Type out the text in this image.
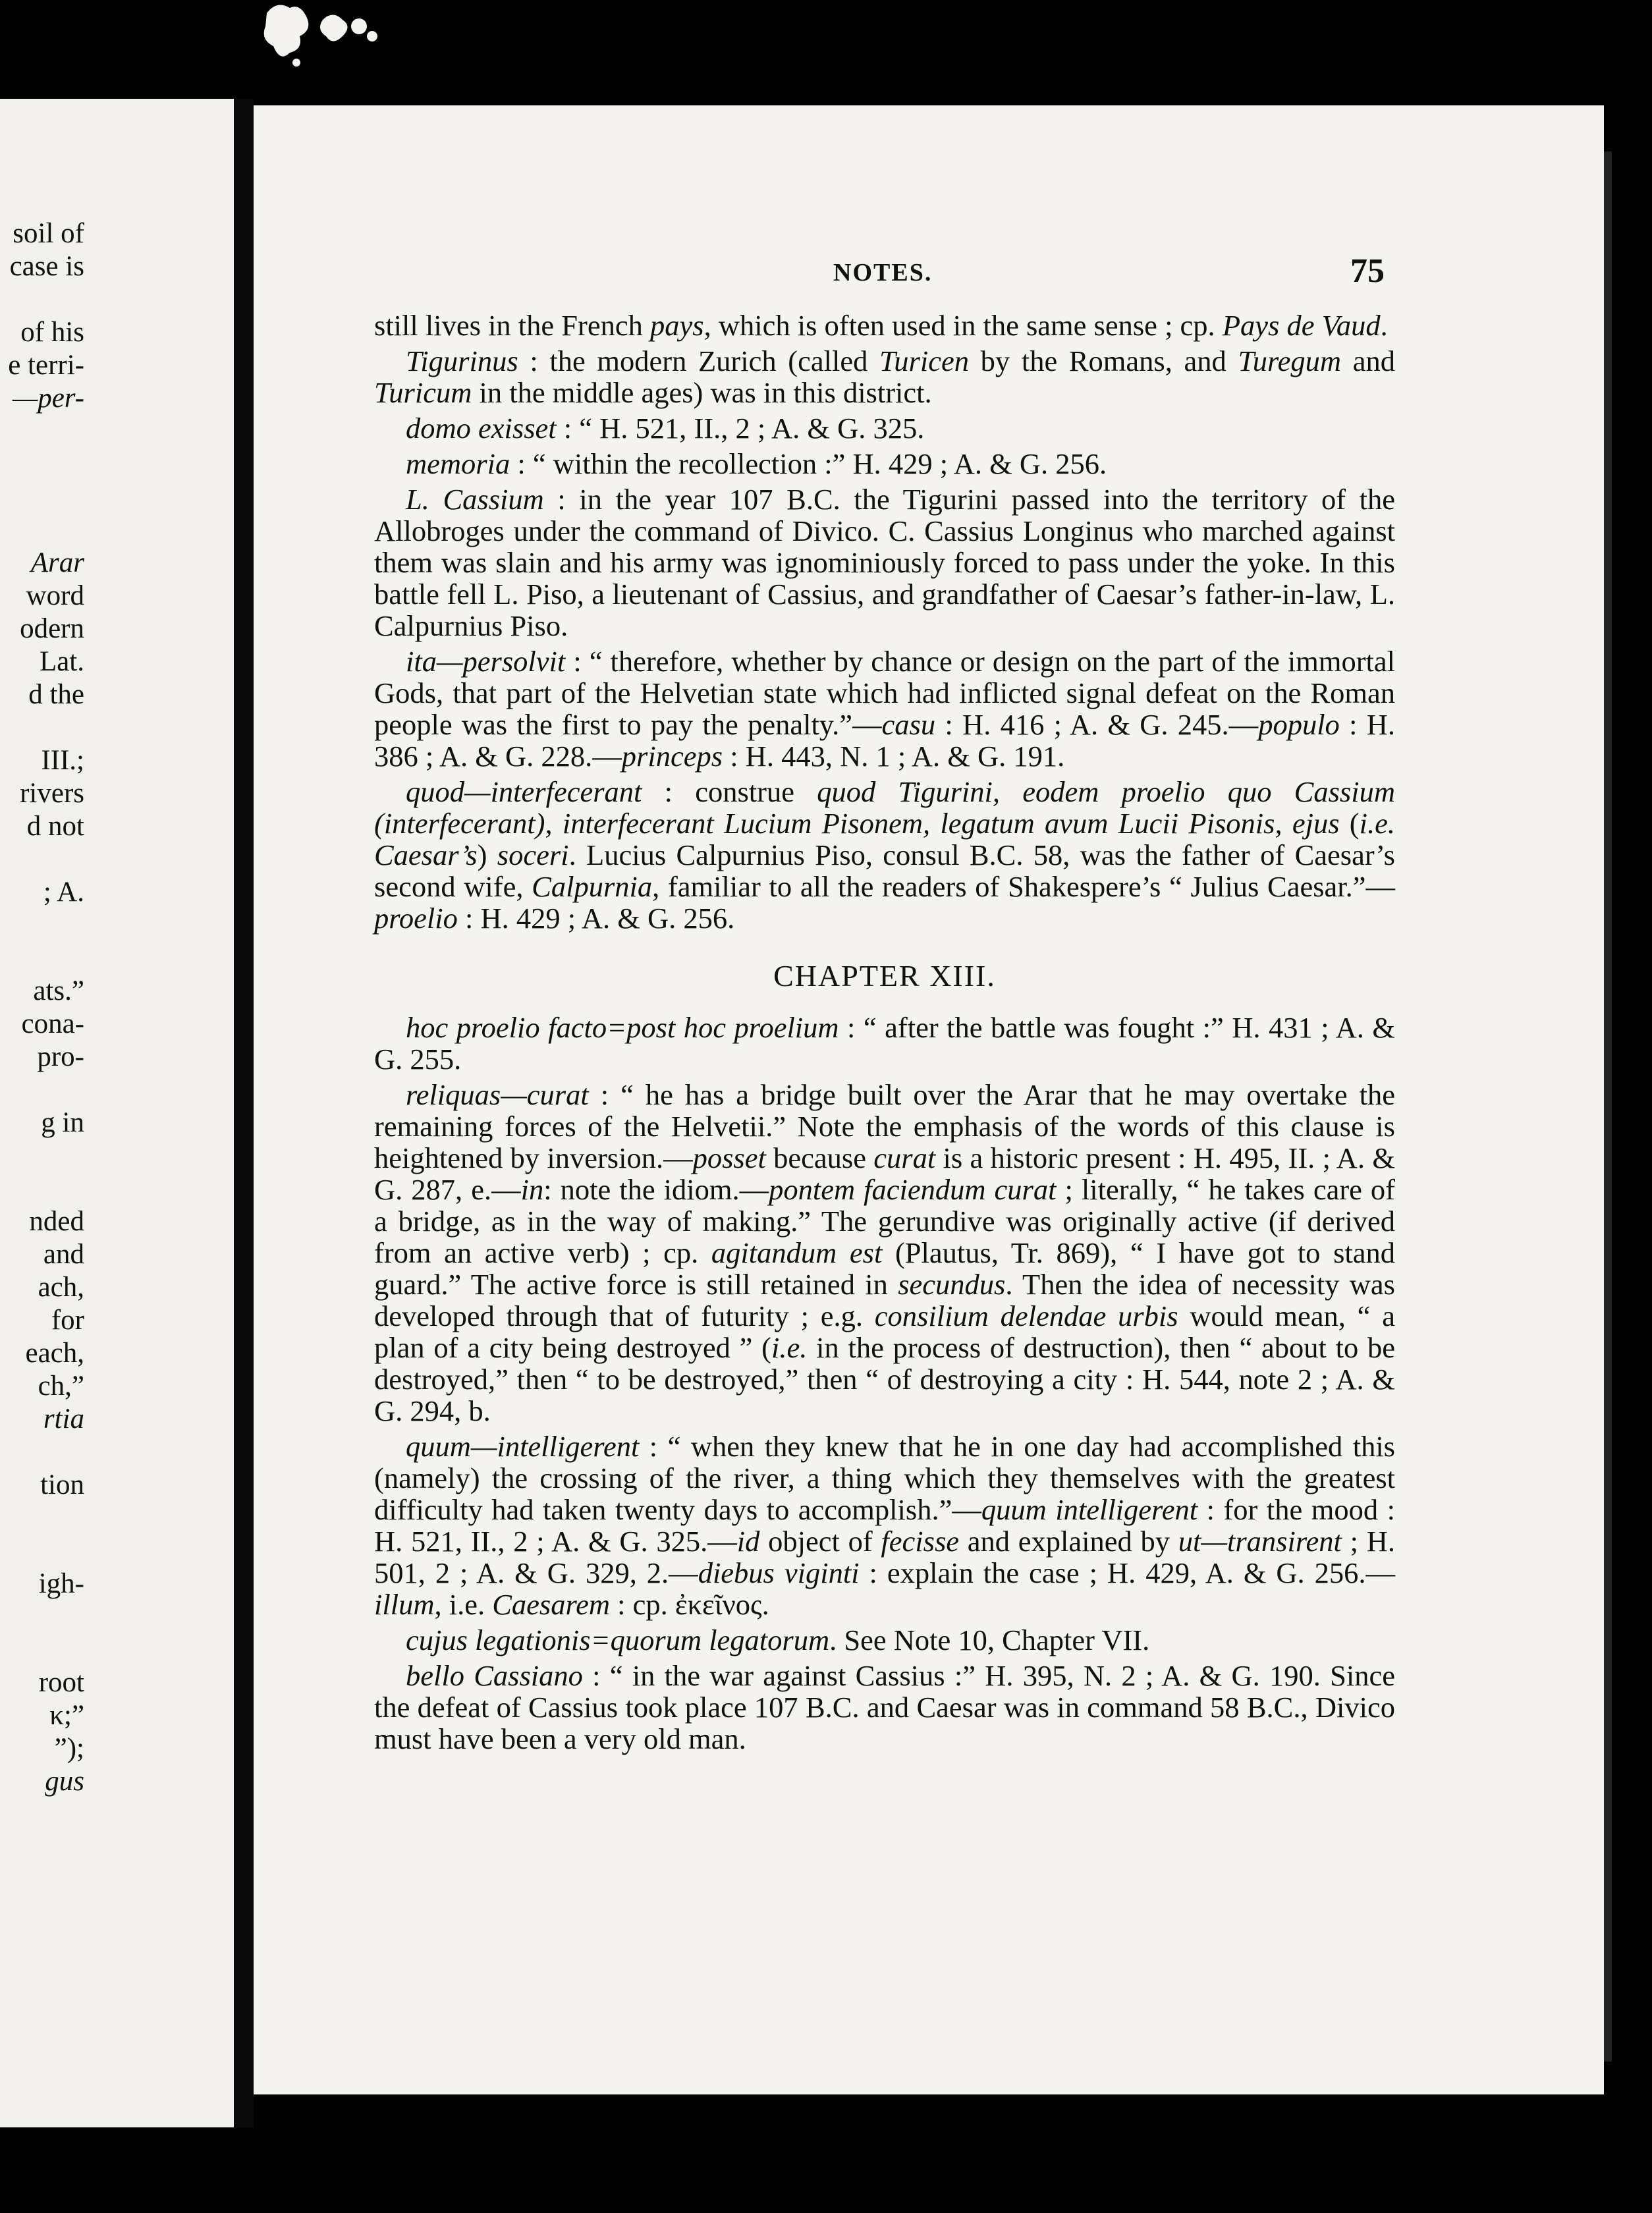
soil of
case is
of his
e terri-
—per-
Arar
word
odern
Lat.
d the
III.;
rivers
d not
; A.
ats.”
cona-
pro-
g in
nded
and
ach,
for
each,
ch,”
rtia
tion
igh-
root
κ;”
”);
gus
NOTES.	75

still lives in the French pays, which is often used in the same sense ; cp. Pays de Vaud.

Tigurinus : the modern Zurich (called Turicen by the Romans, and Turegum and Turicum in the middle ages) was in this district.

domo exisset : “ H. 521, II., 2 ; A. & G. 325.

memoria : “ within the recollection :” H. 429 ; A. & G. 256.

L. Cassium : in the year 107 B.C. the Tigurini passed into the territory of the Allobroges under the command of Divico. C. Cassius Longinus who marched against them was slain and his army was ignominiously forced to pass under the yoke. In this battle fell L. Piso, a lieutenant of Cassius, and grandfather of Caesar’s father-in-law, L. Calpurnius Piso.

ita—persolvit : “ therefore, whether by chance or design on the part of the immortal Gods, that part of the Helvetian state which had inflicted signal defeat on the Roman people was the first to pay the penalty.”—casu : H. 416 ; A. & G. 245.—populo : H. 386 ; A. & G. 228.—princeps : H. 443, N. 1 ; A. & G. 191.

quod—interfecerant : construe quod Tigurini, eodem proelio quo Cassium (interfecerant), interfecerant Lucium Pisonem, legatum avum Lucii Pisonis, ejus (i.e. Caesar’s) soceri. Lucius Calpurnius Piso, consul B.C. 58, was the father of Caesar’s second wife, Calpurnia, familiar to all the readers of Shakespere’s “ Julius Caesar.”—proelio : H. 429 ; A. & G. 256.

CHAPTER XIII.

hoc proelio facto=post hoc proelium : “ after the battle was fought :” H. 431 ; A. & G. 255.

reliquas—curat : “ he has a bridge built over the Arar that he may overtake the remaining forces of the Helvetii.” Note the emphasis of the words of this clause is heightened by inversion.—posset because curat is a historic present : H. 495, II. ; A. & G. 287, e.—in: note the idiom.—pontem faciendum curat ; literally, “ he takes care of a bridge, as in the way of making.” The gerundive was originally active (if derived from an active verb) ; cp. agitandum est (Plautus, Tr. 869), “ I have got to stand guard.” The active force is still retained in secundus. Then the idea of necessity was developed through that of futurity ; e.g. consilium delendae urbis would mean, “ a plan of a city being destroyed ” (i.e. in the process of destruction), then “ about to be destroyed,” then “ to be destroyed,” then “ of destroying a city : H. 544, note 2 ; A. & G. 294, b.

quum—intelligerent : “ when they knew that he in one day had accomplished this (namely) the crossing of the river, a thing which they themselves with the greatest difficulty had taken twenty days to accomplish.”—quum intelligerent : for the mood : H. 521, II., 2 ; A. & G. 325.—id object of fecisse and explained by ut—transirent ; H. 501, 2 ; A. & G. 329, 2.—diebus viginti : explain the case ; H. 429, A. & G. 256.—illum, i.e. Caesarem : cp. ἐκεῖνος.

cujus legationis=quorum legatorum. See Note 10, Chapter VII.

bello Cassiano : “ in the war against Cassius :” H. 395, N. 2 ; A. & G. 190. Since the defeat of Cassius took place 107 B.C. and Caesar was in command 58 B.C., Divico must have been a very old man.
